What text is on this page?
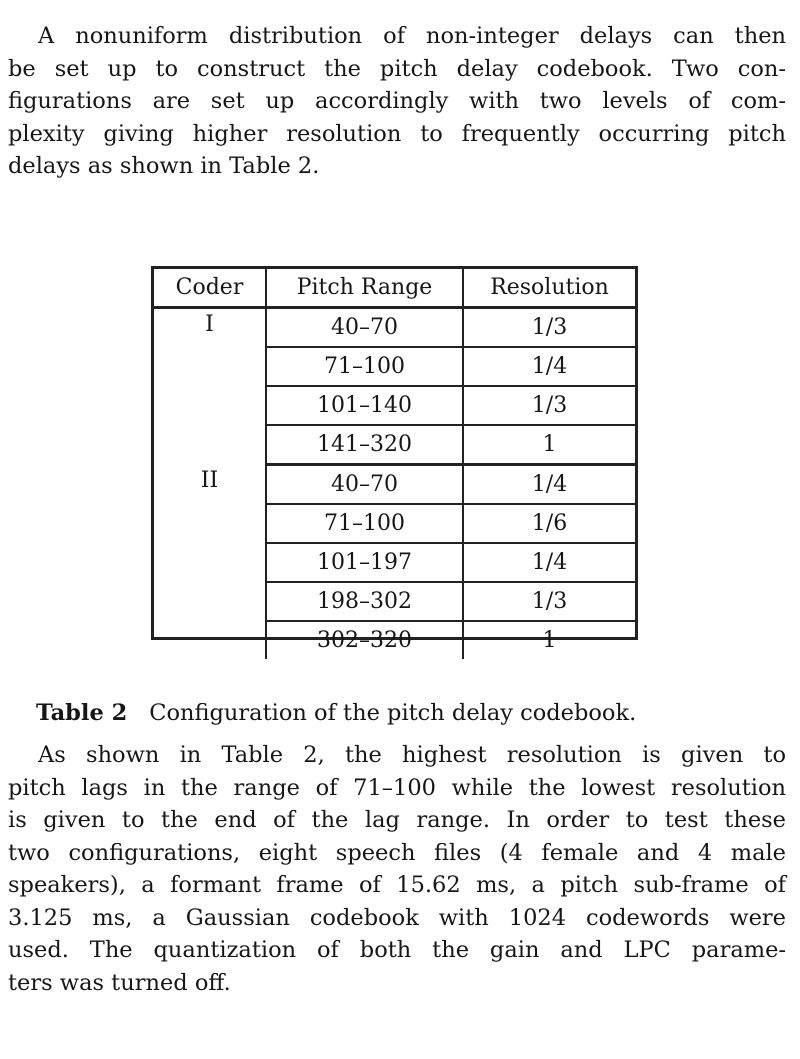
A nonuniform distribution of non-integer delays can then
be set up to construct the pitch delay codebook. Two con-
figurations are set up accordingly with two levels of com-
plexity giving higher resolution to frequently occurring pitch
delays as shown in Table 2.
Coder	Pitch Range	Resolution
I	40–70	1/3
	71–100	1/4
	101–140	1/3
	141–320	1
II	40–70	1/4
	71–100	1/6
	101–197	1/4
	198–302	1/3
	302–320	1

Table 2 Configuration of the pitch delay codebook.

As shown in Table 2, the highest resolution is given to
pitch lags in the range of 71–100 while the lowest resolution
is given to the end of the lag range. In order to test these
two configurations, eight speech files (4 female and 4 male
speakers), a formant frame of 15.62 ms, a pitch sub-frame of
3.125 ms, a Gaussian codebook with 1024 codewords were
used. The quantization of both the gain and LPC parame-
ters was turned off.
